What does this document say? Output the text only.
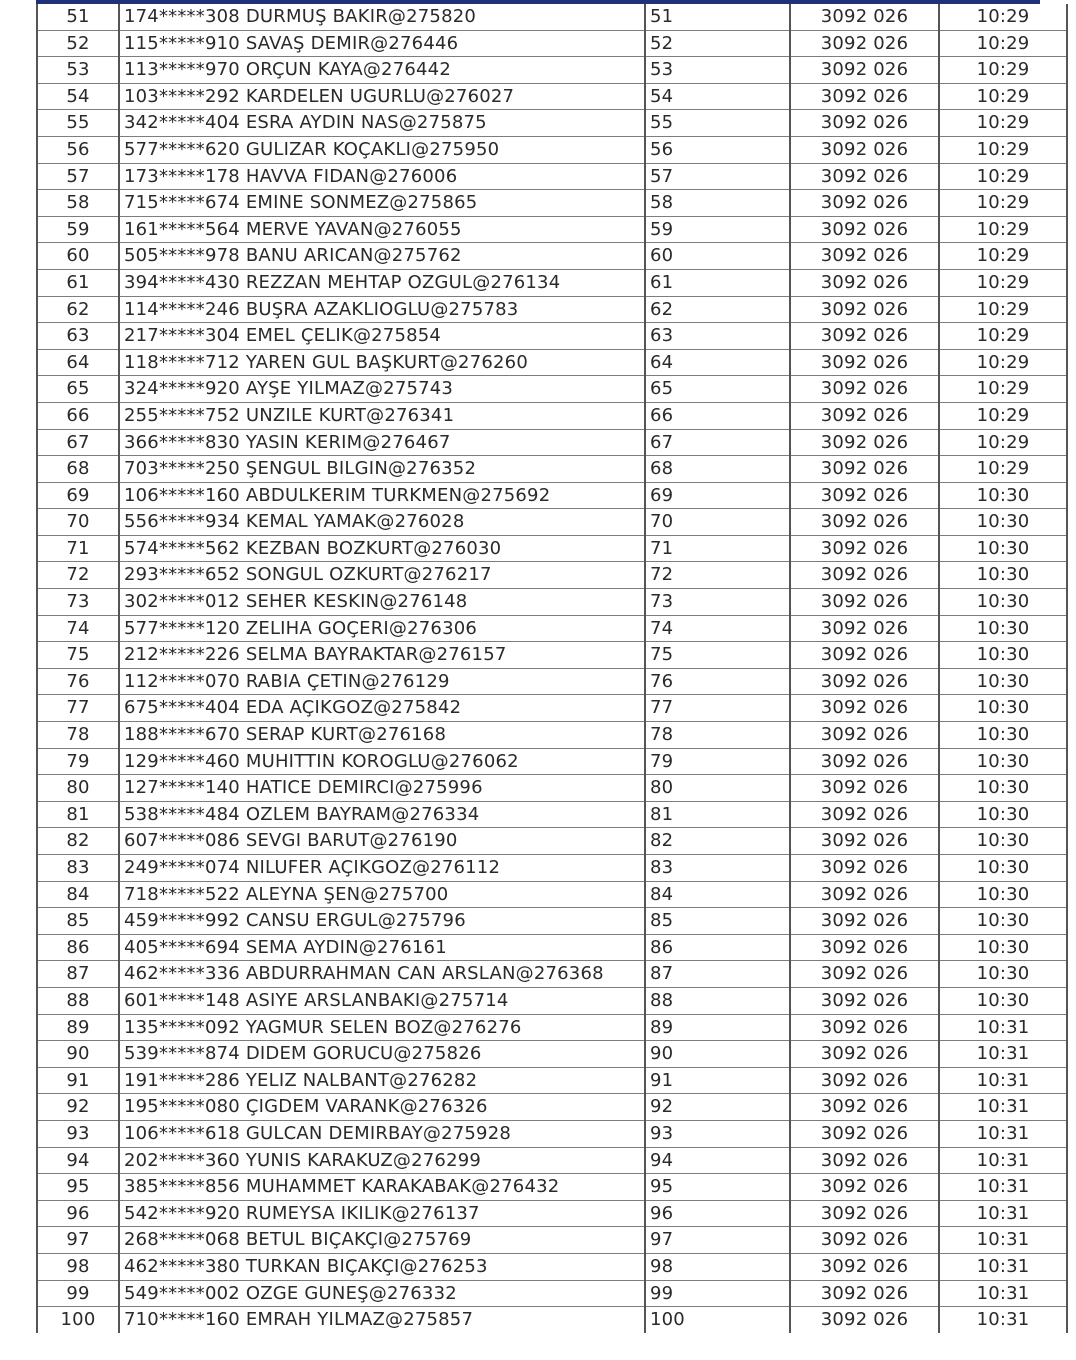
51	174*****308 DURMUŞ BAKIR@275820	51	3092 026	10:29
52	115*****910 SAVAŞ DEMIR@276446	52	3092 026	10:29
53	113*****970 ORÇUN KAYA@276442	53	3092 026	10:29
54	103*****292 KARDELEN UGURLU@276027	54	3092 026	10:29
55	342*****404 ESRA AYDIN NAS@275875	55	3092 026	10:29
56	577*****620 GULIZAR KOÇAKLI@275950	56	3092 026	10:29
57	173*****178 HAVVA FIDAN@276006	57	3092 026	10:29
58	715*****674 EMINE SONMEZ@275865	58	3092 026	10:29
59	161*****564 MERVE YAVAN@276055	59	3092 026	10:29
60	505*****978 BANU ARICAN@275762	60	3092 026	10:29
61	394*****430 REZZAN MEHTAP OZGUL@276134	61	3092 026	10:29
62	114*****246 BUŞRA AZAKLIOGLU@275783	62	3092 026	10:29
63	217*****304 EMEL ÇELIK@275854	63	3092 026	10:29
64	118*****712 YAREN GUL BAŞKURT@276260	64	3092 026	10:29
65	324*****920 AYŞE YILMAZ@275743	65	3092 026	10:29
66	255*****752 UNZILE KURT@276341	66	3092 026	10:29
67	366*****830 YASIN KERIM@276467	67	3092 026	10:29
68	703*****250 ŞENGUL BILGIN@276352	68	3092 026	10:29
69	106*****160 ABDULKERIM TURKMEN@275692	69	3092 026	10:30
70	556*****934 KEMAL YAMAK@276028	70	3092 026	10:30
71	574*****562 KEZBAN BOZKURT@276030	71	3092 026	10:30
72	293*****652 SONGUL OZKURT@276217	72	3092 026	10:30
73	302*****012 SEHER KESKIN@276148	73	3092 026	10:30
74	577*****120 ZELIHA GOÇERI@276306	74	3092 026	10:30
75	212*****226 SELMA BAYRAKTAR@276157	75	3092 026	10:30
76	112*****070 RABIA ÇETIN@276129	76	3092 026	10:30
77	675*****404 EDA AÇIKGOZ@275842	77	3092 026	10:30
78	188*****670 SERAP KURT@276168	78	3092 026	10:30
79	129*****460 MUHITTIN KOROGLU@276062	79	3092 026	10:30
80	127*****140 HATICE DEMIRCI@275996	80	3092 026	10:30
81	538*****484 OZLEM BAYRAM@276334	81	3092 026	10:30
82	607*****086 SEVGI BARUT@276190	82	3092 026	10:30
83	249*****074 NILUFER AÇIKGOZ@276112	83	3092 026	10:30
84	718*****522 ALEYNA ŞEN@275700	84	3092 026	10:30
85	459*****992 CANSU ERGUL@275796	85	3092 026	10:30
86	405*****694 SEMA AYDIN@276161	86	3092 026	10:30
87	462*****336 ABDURRAHMAN CAN ARSLAN@276368	87	3092 026	10:30
88	601*****148 ASIYE ARSLANBAKI@275714	88	3092 026	10:30
89	135*****092 YAGMUR SELEN BOZ@276276	89	3092 026	10:31
90	539*****874 DIDEM GORUCU@275826	90	3092 026	10:31
91	191*****286 YELIZ NALBANT@276282	91	3092 026	10:31
92	195*****080 ÇIGDEM VARANK@276326	92	3092 026	10:31
93	106*****618 GULCAN DEMIRBAY@275928	93	3092 026	10:31
94	202*****360 YUNIS KARAKUZ@276299	94	3092 026	10:31
95	385*****856 MUHAMMET KARAKABAK@276432	95	3092 026	10:31
96	542*****920 RUMEYSA IKILIK@276137	96	3092 026	10:31
97	268*****068 BETUL BIÇAKÇI@275769	97	3092 026	10:31
98	462*****380 TURKAN BIÇAKÇI@276253	98	3092 026	10:31
99	549*****002 OZGE GUNEŞ@276332	99	3092 026	10:31
100	710*****160 EMRAH YILMAZ@275857	100	3092 026	10:31
